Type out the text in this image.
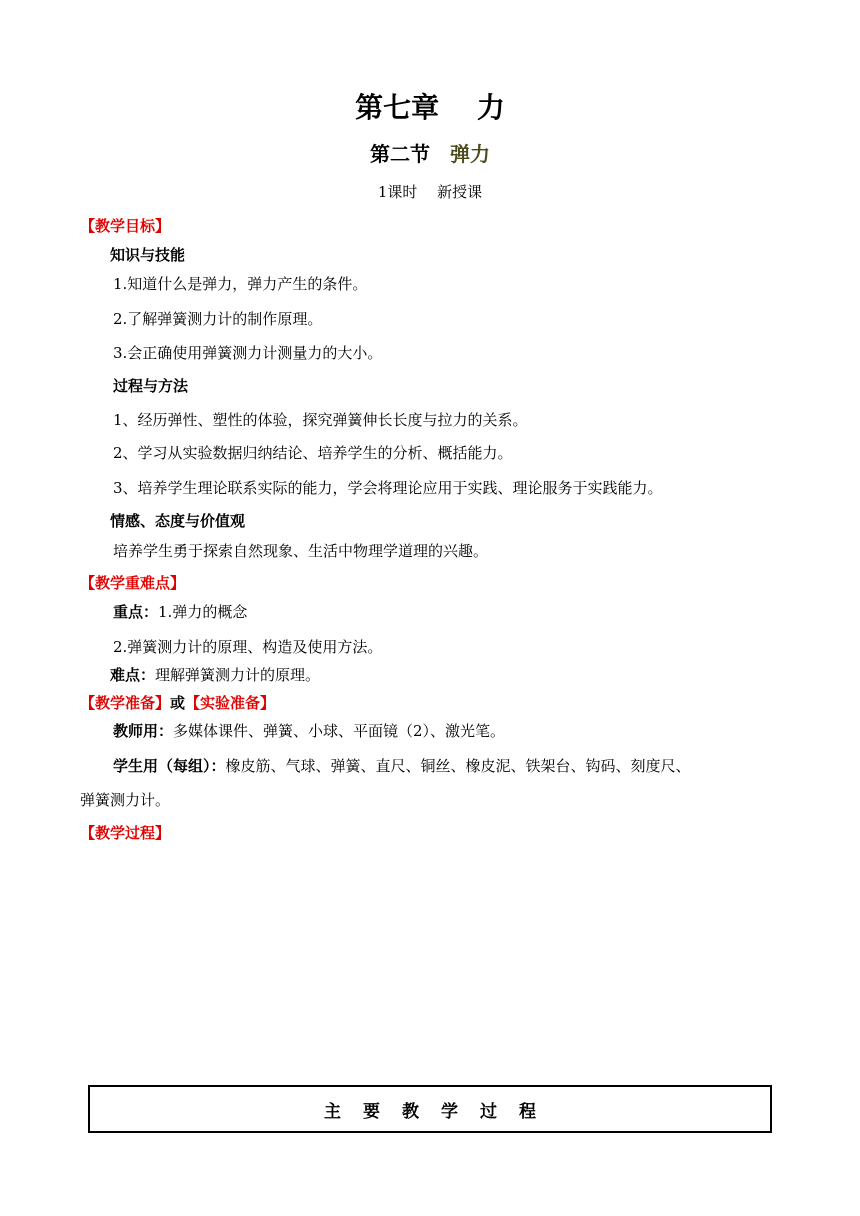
第七章　 力
第二节 弹力
1课时　 新授课
【教学目标】
知识与技能
1.知道什么是弹力，弹力产生的条件。
2.了解弹簧测力计的制作原理。
3.会正确使用弹簧测力计测量力的大小。
过程与方法
1、经历弹性、塑性的体验，探究弹簧伸长长度与拉力的关系。
2、学习从实验数据归纳结论、培养学生的分析、概括能力。
3、培养学生理论联系实际的能力，学会将理论应用于实践、理论服务于实践能力。
情感、态度与价值观
培养学生勇于探索自然现象、生活中物理学道理的兴趣。
【教学重难点】
重点：1.弹力的概念
2.弹簧测力计的原理、构造及使用方法。
难点：理解弹簧测力计的原理。
【教学准备】或【实验准备】
教师用：多媒体课件、弹簧、小球、平面镜（2）、激光笔。
学生用（每组）：橡皮筋、气球、弹簧、直尺、铜丝、橡皮泥、铁架台、钩码、刻度尺、
弹簧测力计。
【教学过程】
主要教学过程
